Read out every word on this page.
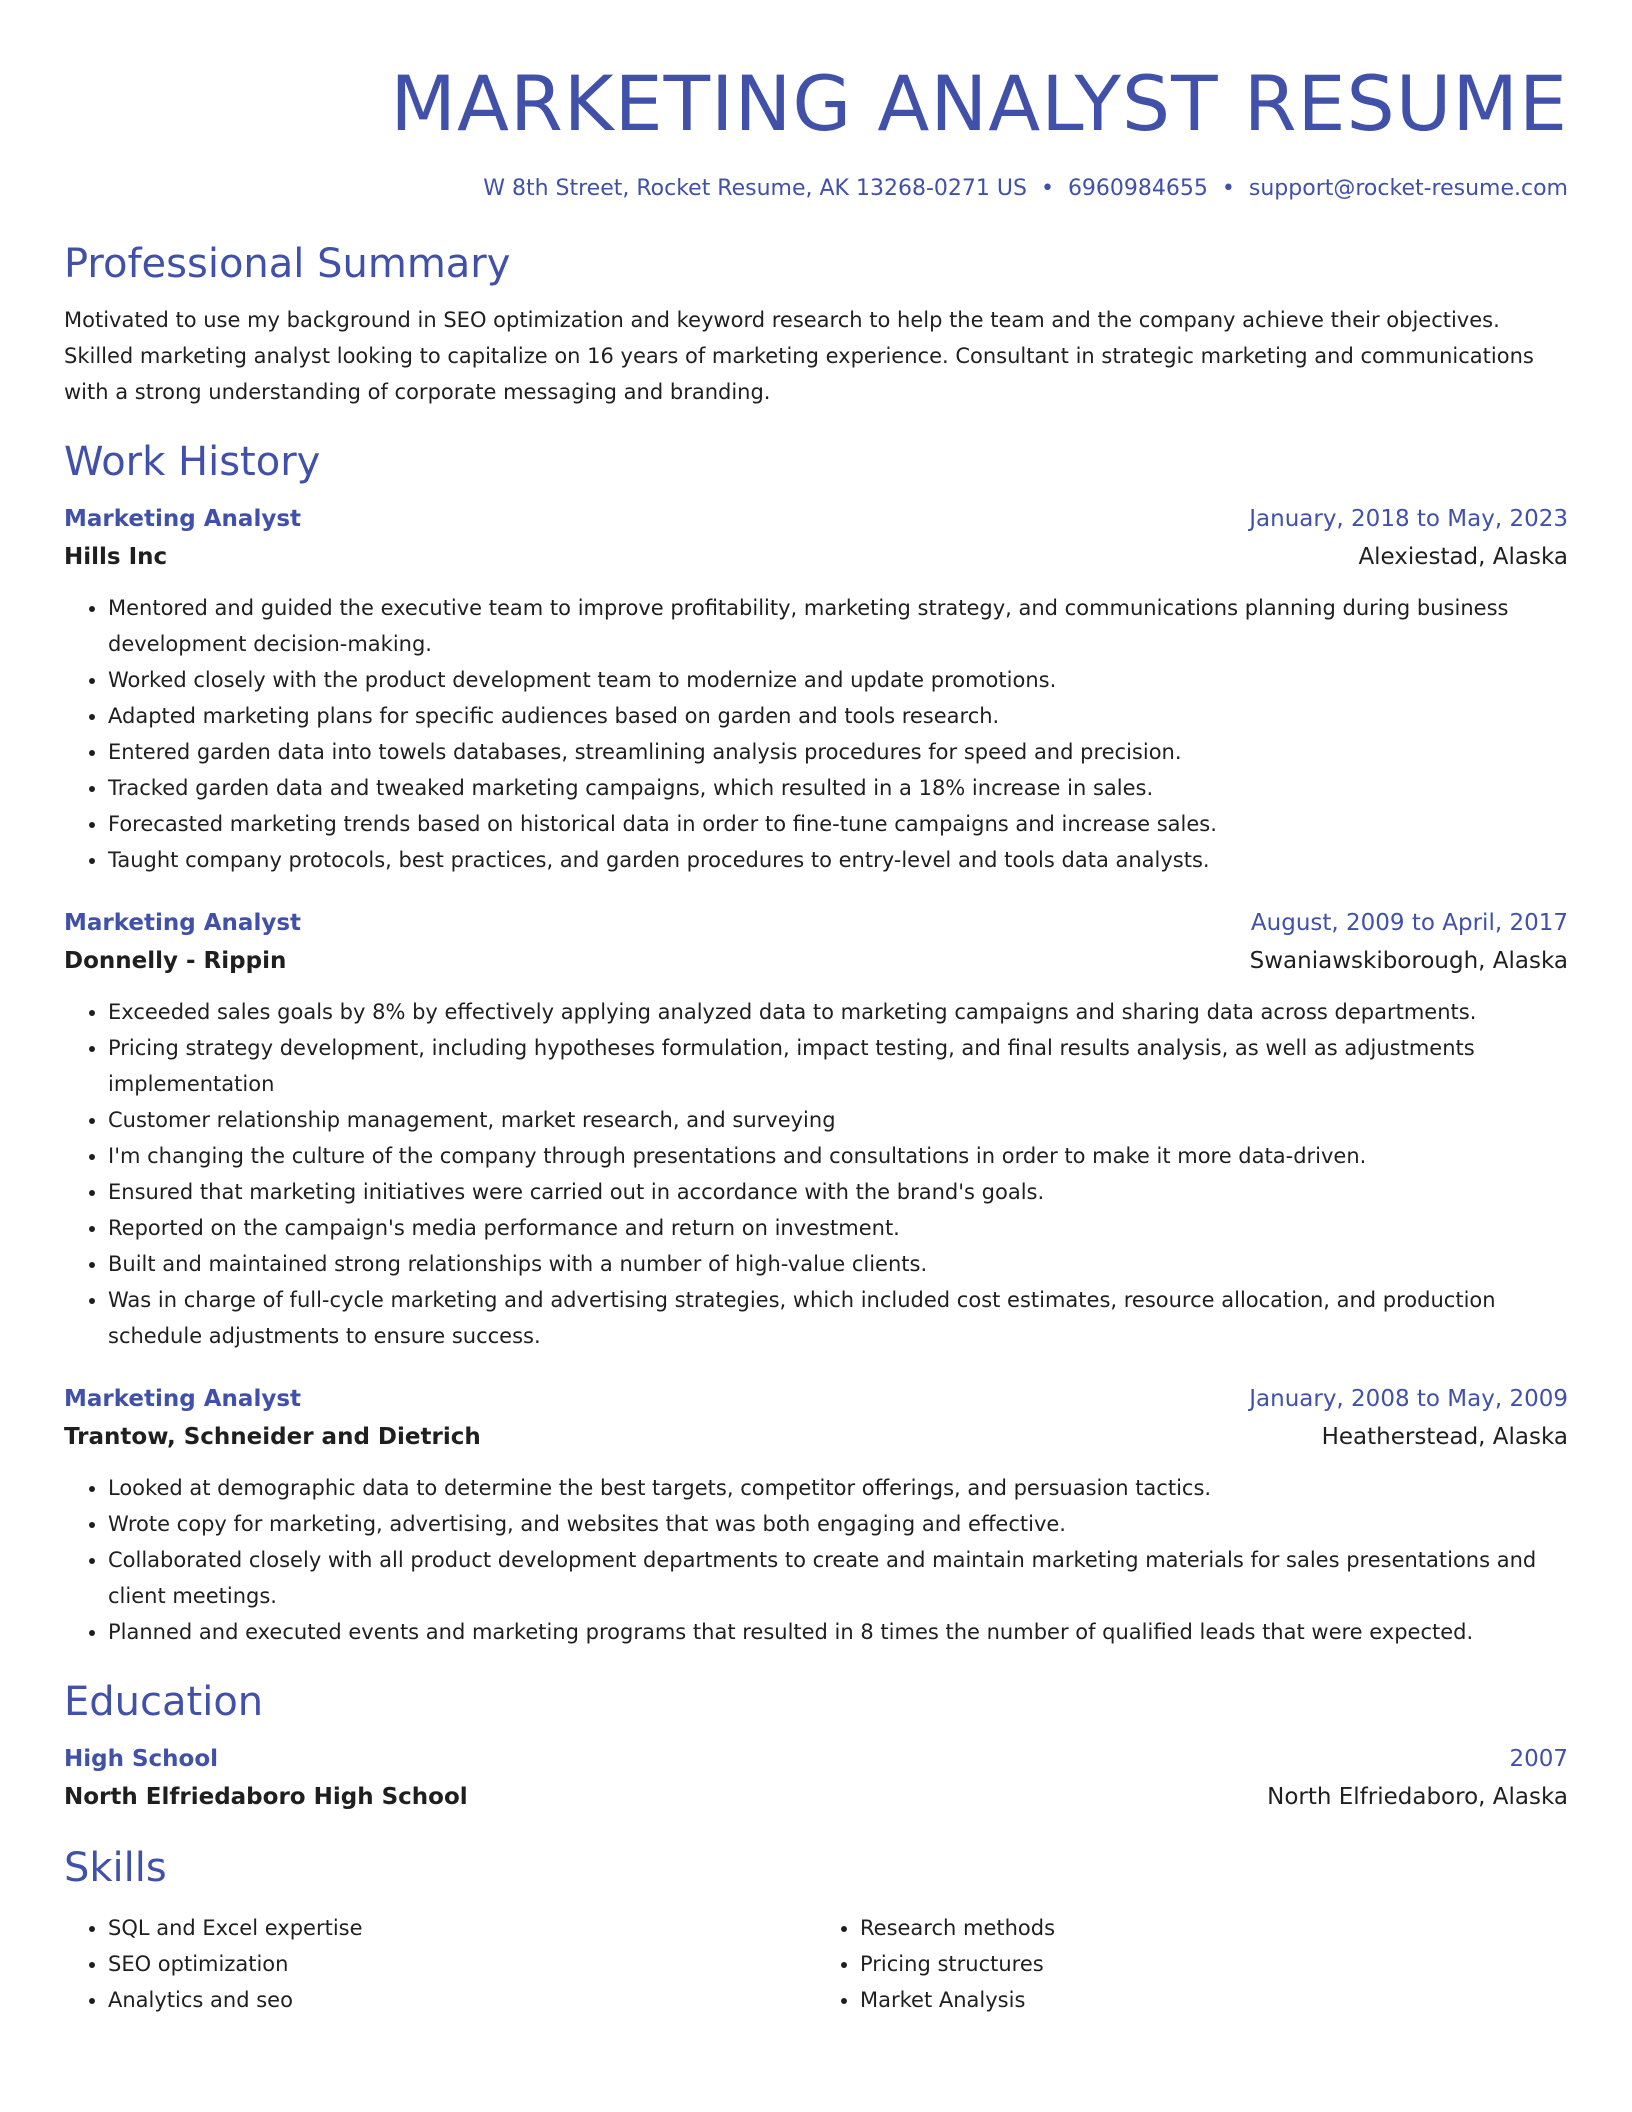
MARKETING ANALYST RESUME
W 8th Street, Rocket Resume, AK 13268-0271 US • 6960984655 • support@rocket-resume.com
Professional Summary
Motivated to use my background in SEO optimization and keyword research to help the team and the company achieve their objectives. Skilled marketing analyst looking to capitalize on 16 years of marketing experience. Consultant in strategic marketing and communications with a strong understanding of corporate messaging and branding.
Work History
Marketing Analyst	January, 2018 to May, 2023
Hills Inc	Alexiestad, Alaska
• Mentored and guided the executive team to improve profitability, marketing strategy, and communications planning during business development decision-making.
• Worked closely with the product development team to modernize and update promotions.
• Adapted marketing plans for specific audiences based on garden and tools research.
• Entered garden data into towels databases, streamlining analysis procedures for speed and precision.
• Tracked garden data and tweaked marketing campaigns, which resulted in a 18% increase in sales.
• Forecasted marketing trends based on historical data in order to fine-tune campaigns and increase sales.
• Taught company protocols, best practices, and garden procedures to entry-level and tools data analysts.
Marketing Analyst	August, 2009 to April, 2017
Donnelly - Rippin	Swaniawskiborough, Alaska
• Exceeded sales goals by 8% by effectively applying analyzed data to marketing campaigns and sharing data across departments.
• Pricing strategy development, including hypotheses formulation, impact testing, and final results analysis, as well as adjustments implementation
• Customer relationship management, market research, and surveying
• I'm changing the culture of the company through presentations and consultations in order to make it more data-driven.
• Ensured that marketing initiatives were carried out in accordance with the brand's goals.
• Reported on the campaign's media performance and return on investment.
• Built and maintained strong relationships with a number of high-value clients.
• Was in charge of full-cycle marketing and advertising strategies, which included cost estimates, resource allocation, and production schedule adjustments to ensure success.
Marketing Analyst	January, 2008 to May, 2009
Trantow, Schneider and Dietrich	Heatherstead, Alaska
• Looked at demographic data to determine the best targets, competitor offerings, and persuasion tactics.
• Wrote copy for marketing, advertising, and websites that was both engaging and effective.
• Collaborated closely with all product development departments to create and maintain marketing materials for sales presentations and client meetings.
• Planned and executed events and marketing programs that resulted in 8 times the number of qualified leads that were expected.
Education
High School	2007
North Elfriedaboro High School	North Elfriedaboro, Alaska
Skills
• SQL and Excel expertise
• SEO optimization
• Analytics and seo
• Research methods
• Pricing structures
• Market Analysis
